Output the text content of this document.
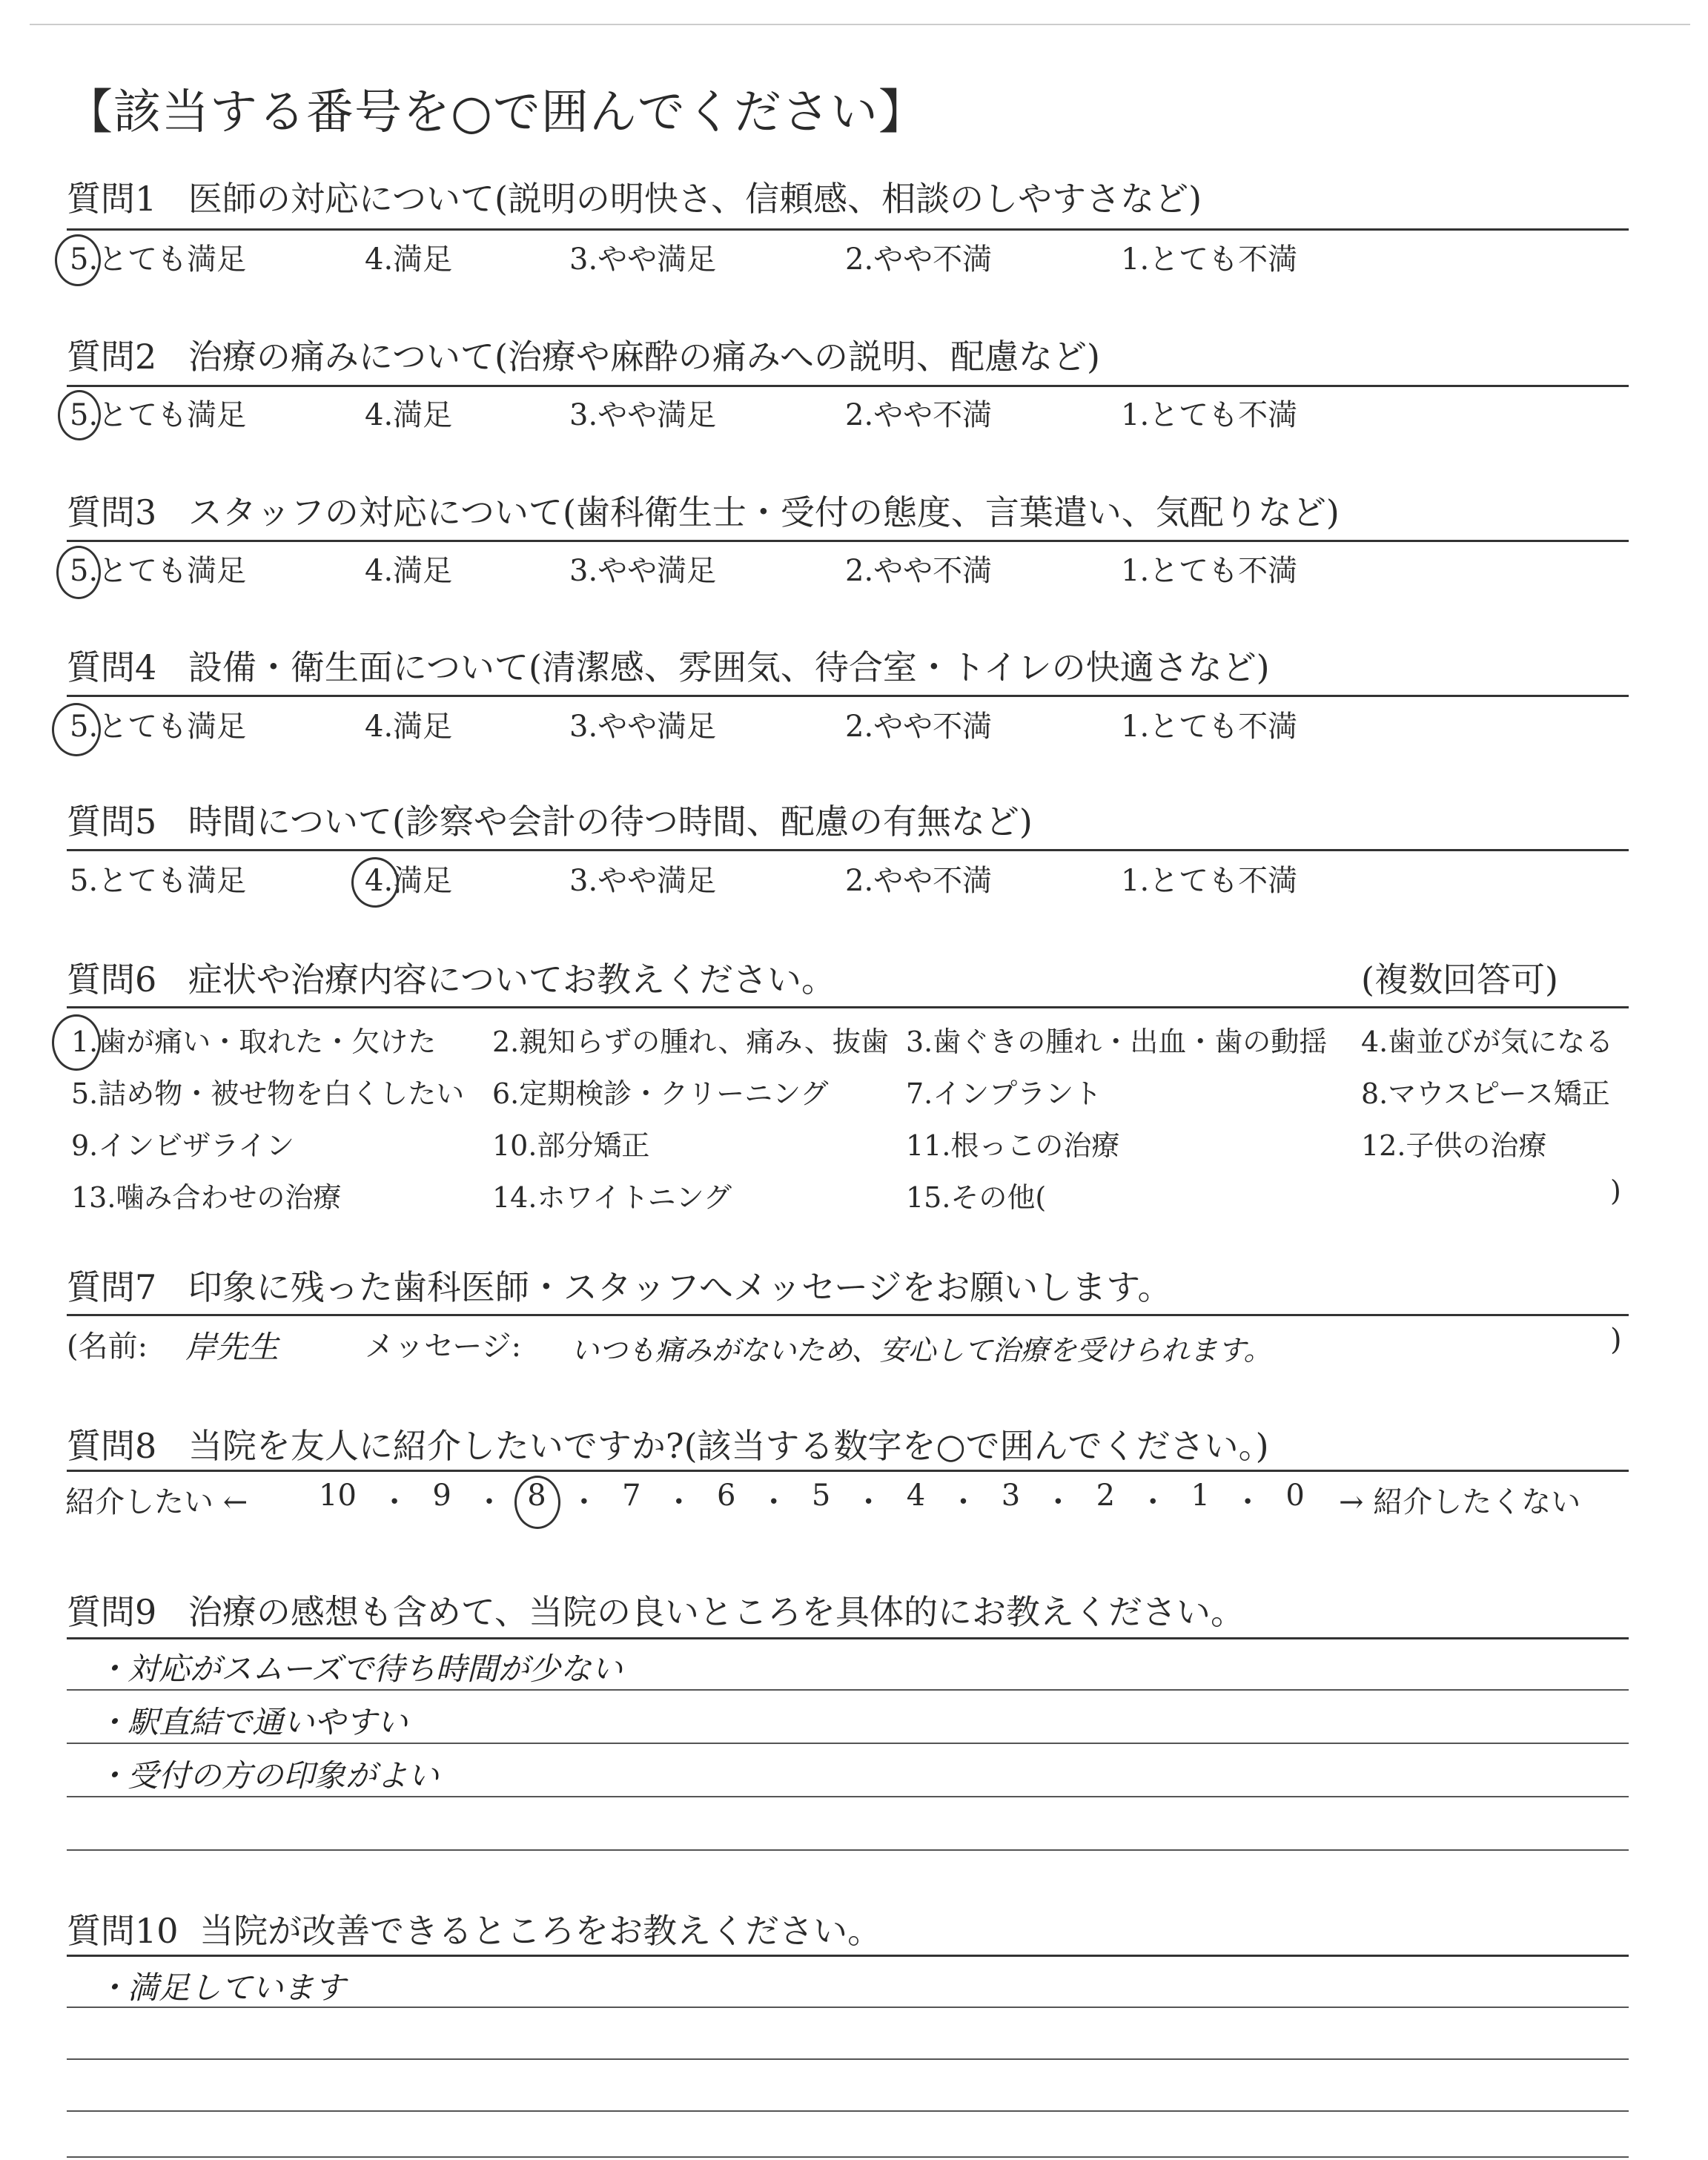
【該当する番号を○で囲んでください】
質問1 医師の対応について(説明の明快さ、信頼感、相談のしやすさなど)
5.とても満足	4.満足	3.やや満足	2.やや不満	1.とても不満
質問2 治療の痛みについて(治療や麻酔の痛みへの説明、配慮など)
5.とても満足	4.満足	3.やや満足	2.やや不満	1.とても不満
質問3 スタッフの対応について(歯科衛生士・受付の態度、言葉遣い、気配りなど)
5.とても満足	4.満足	3.やや満足	2.やや不満	1.とても不満
質問4 設備・衛生面について(清潔感、雰囲気、待合室・トイレの快適さなど)
5.とても満足	4.満足	3.やや満足	2.やや不満	1.とても不満
質問5 時間について(診察や会計の待つ時間、配慮の有無など)
5.とても満足	4.満足	3.やや満足	2.やや不満	1.とても不満
質問6 症状や治療内容についてお教えください。	(複数回答可)
1.歯が痛い・取れた・欠けた 2.親知らずの腫れ、痛み、抜歯 3.歯ぐきの腫れ・出血・歯の動揺 4.歯並びが気になる
5.詰め物・被せ物を白くしたい 6.定期検診・クリーニング	7.インプラント	8.マウスピース矯正
9.インビザライン	10.部分矯正	11.根っこの治療	12.子供の治療
13.噛み合わせの治療	14.ホワイトニング	15.その他(	)
質問7 印象に残った歯科医師・スタッフへメッセージをお願いします。
(名前: 岸先生	メッセージ: いつも痛みがないため、安心して治療を受けられます。	)
質問8 当院を友人に紹介したいですか?(該当する数字を○で囲んでください。)
紹介したい ← 10 ・ 9 ・ 8 ・ 7 ・ 6 ・ 5 ・ 4 ・ 3 ・ 2 ・ 1 ・ 0 → 紹介したくない
質問9 治療の感想も含めて、当院の良いところを具体的にお教えください。
・対応がスムーズで待ち時間が少ない
・駅直結で通いやすい
・受付の方の印象がよい
質問10 当院が改善できるところをお教えください。
・満足しています
